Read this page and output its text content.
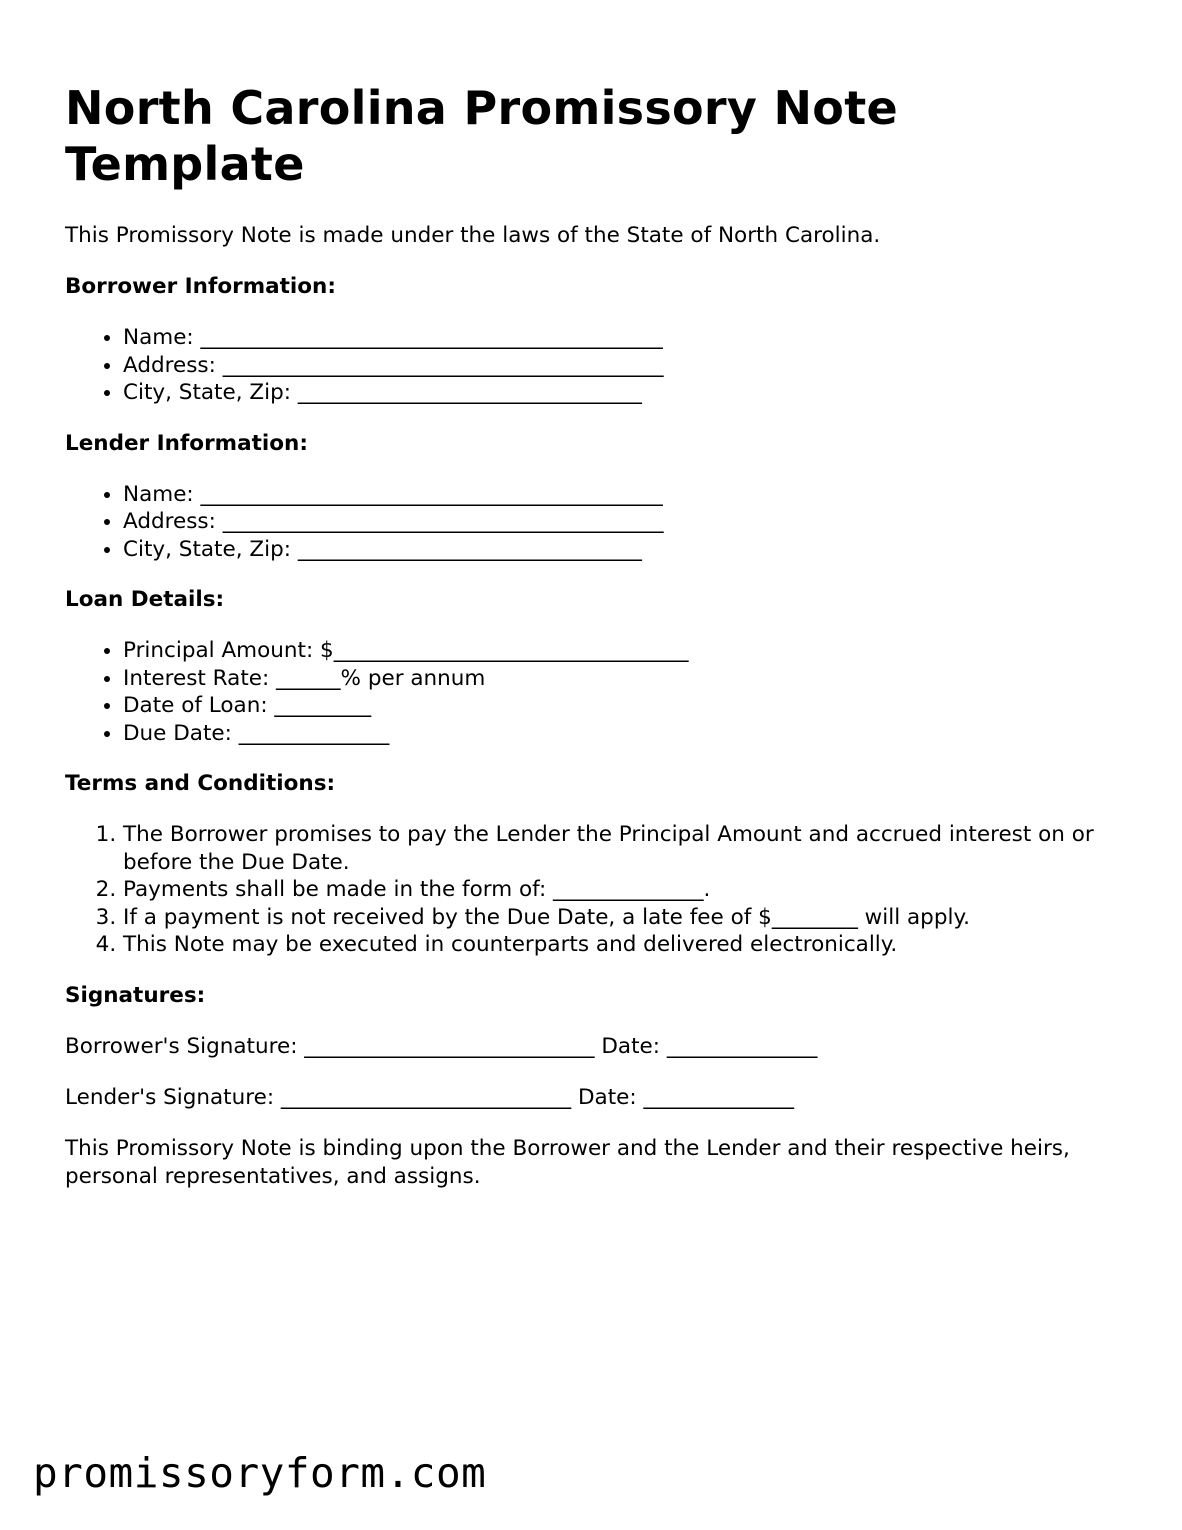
North Carolina Promissory Note Template

This Promissory Note is made under the laws of the State of North Carolina.

Borrower Information:
• Name: ___________________________________________
• Address: _________________________________________
• City, State, Zip: ________________________________
Lender Information:
• Name: ___________________________________________
• Address: _________________________________________
• City, State, Zip: ________________________________
Loan Details:
• Principal Amount: $_________________________________
• Interest Rate: ______% per annum
• Date of Loan: _________
• Due Date: ______________
Terms and Conditions:
1. The Borrower promises to pay the Lender the Principal Amount and accrued interest on or before the Due Date.
2. Payments shall be made in the form of: ______________.
3. If a payment is not received by the Due Date, a late fee of $________ will apply.
4. This Note may be executed in counterparts and delivered electronically.
Signatures:

Borrower's Signature: ___________________________ Date: ______________

Lender's Signature: ___________________________ Date: ______________

This Promissory Note is binding upon the Borrower and the Lender and their respective heirs, personal representatives, and assigns.

promissoryform.com
